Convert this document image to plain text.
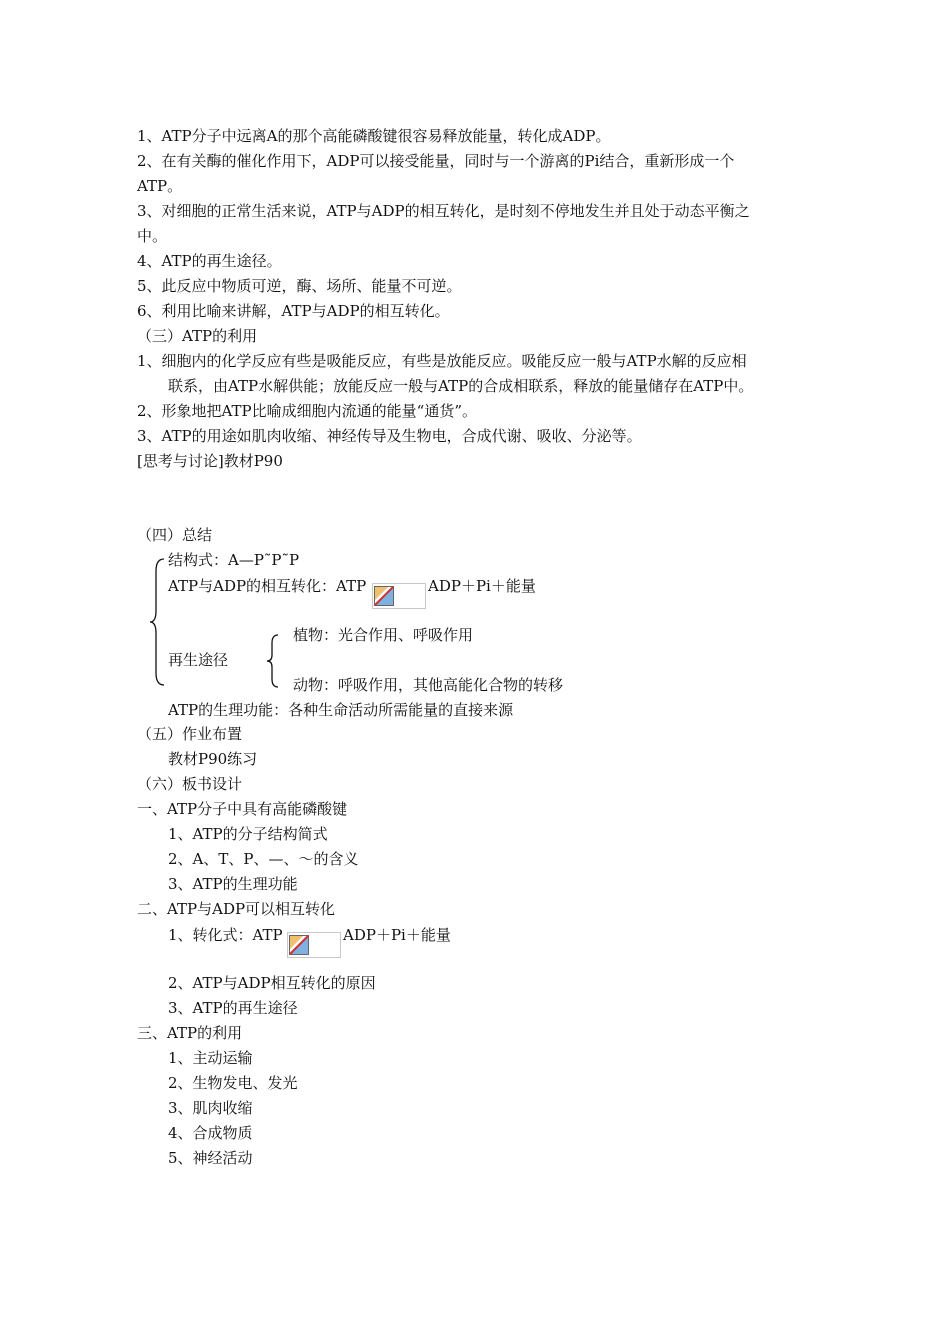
1、ATP分子中远离A的那个高能磷酸键很容易释放能量，转化成ADP。
2、在有关酶的催化作用下，ADP可以接受能量，同时与一个游离的Pi结合，重新形成一个
ATP。
3、对细胞的正常生活来说，ATP与ADP的相互转化，是时刻不停地发生并且处于动态平衡之
中。
4、ATP的再生途径。
5、此反应中物质可逆，酶、场所、能量不可逆。
6、利用比喻来讲解，ATP与ADP的相互转化。
（三）ATP的利用
1、细胞内的化学反应有些是吸能反应，有些是放能反应。吸能反应一般与ATP水解的反应相
联系，由ATP水解供能；放能反应一般与ATP的合成相联系，释放的能量储存在ATP中。
2、形象地把ATP比喻成细胞内流通的能量“通货”。
3、ATP的用途如肌肉收缩、神经传导及生物电，合成代谢、吸收、分泌等。
[思考与讨论]教材P90
（四）总结
结构式：A—P˜P˜P
ATP与ADP的相互转化：ATP	ADP＋Pi＋能量
再生途径
植物：光合作用、呼吸作用
动物：呼吸作用，其他高能化合物的转移
ATP的生理功能：各种生命活动所需能量的直接来源
（五）作业布置
教材P90练习
（六）板书设计
一、ATP分子中具有高能磷酸键
1、ATP的分子结构简式
2、A、T、P、—、～的含义
3、ATP的生理功能
二、ATP与ADP可以相互转化
1、转化式：ATP	ADP＋Pi＋能量
2、ATP与ADP相互转化的原因
3、ATP的再生途径
三、ATP的利用
1、主动运输
2、生物发电、发光
3、肌肉收缩
4、合成物质
5、神经活动
